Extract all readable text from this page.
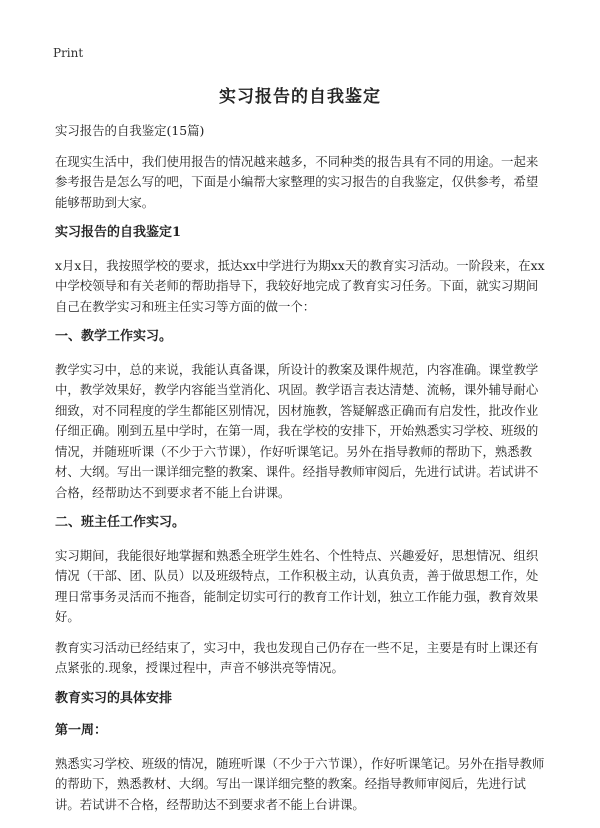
Print
实习报告的自我鉴定

实习报告的自我鉴定(15篇)

在现实生活中，我们使用报告的情况越来越多，不同种类的报告具有不同的用途。一起来参考报告是怎么写的吧，下面是小编帮大家整理的实习报告的自我鉴定，仅供参考，希望能够帮助到大家。

实习报告的自我鉴定1

x月x日，我按照学校的要求，抵达xx中学进行为期xx天的教育实习活动。一阶段来，在xx中学校领导和有关老师的帮助指导下，我较好地完成了教育实习任务。下面，就实习期间自己在教学实习和班主任实习等方面的做一个：

一、教学工作实习。

教学实习中，总的来说，我能认真备课，所设计的教案及课件规范，内容准确。课堂教学中，教学效果好，教学内容能当堂消化、巩固。教学语言表达清楚、流畅，课外辅导耐心细致，对不同程度的学生都能区别情况，因材施教，答疑解惑正确而有启发性，批改作业仔细正确。刚到五星中学时，在第一周，我在学校的安排下，开始熟悉实习学校、班级的情况，并随班听课（不少于六节课），作好听课笔记。另外在指导教师的帮助下，熟悉教材、大纲。写出一课详细完整的教案、课件。经指导教师审阅后，先进行试讲。若试讲不合格，经帮助达不到要求者不能上台讲课。

二、班主任工作实习。

实习期间，我能很好地掌握和熟悉全班学生姓名、个性特点、兴趣爱好，思想情况、组织情况（干部、团、队员）以及班级特点，工作积极主动，认真负责，善于做思想工作，处理日常事务灵活而不拖沓，能制定切实可行的教育工作计划，独立工作能力强，教育效果好。

教育实习活动已经结束了，实习中，我也发现自己仍存在一些不足，主要是有时上课还有点紧张的.现象，授课过程中，声音不够洪亮等情况。

教育实习的具体安排

第一周：

熟悉实习学校、班级的情况，随班听课（不少于六节课），作好听课笔记。另外在指导教师的帮助下，熟悉教材、大纲。写出一课详细完整的教案。经指导教师审阅后，先进行试讲。若试讲不合格，经帮助达不到要求者不能上台讲课。
